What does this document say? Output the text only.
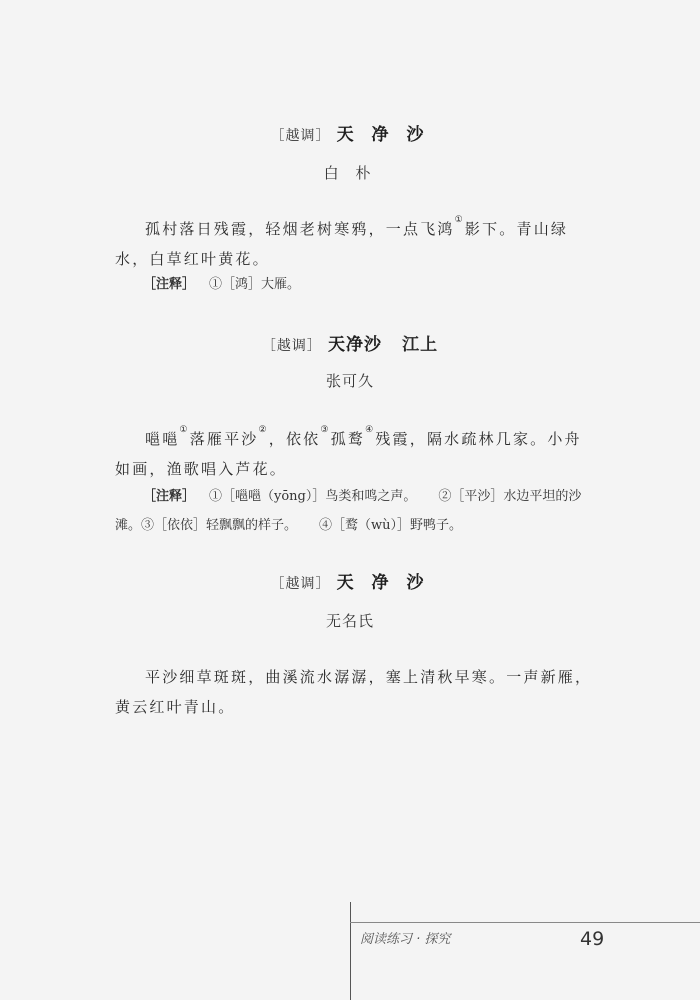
［越调］ 天 净 沙
白 朴
孤村落日残霞，轻烟老树寒鸦，一点飞鸿①影下。青山绿水，白草红叶黄花。
［注释］ ①［鸿］大雁。
［越调］ 天净沙 江上
张可久
嗈嗈①落雁平沙②，依依③孤鹜④残霞，隔水疏林几家。小舟如画，渔歌唱入芦花。
［注释］ ①［嗈嗈（yōng）］鸟类和鸣之声。 ②［平沙］水边平坦的沙滩。③［依依］轻飘飘的样子。 ④［鹜（wù）］野鸭子。
［越调］ 天 净 沙
无名氏
平沙细草斑斑，曲溪流水潺潺，塞上清秋早寒。一声新雁，黄云红叶青山。
阅读练习 · 探究	49
